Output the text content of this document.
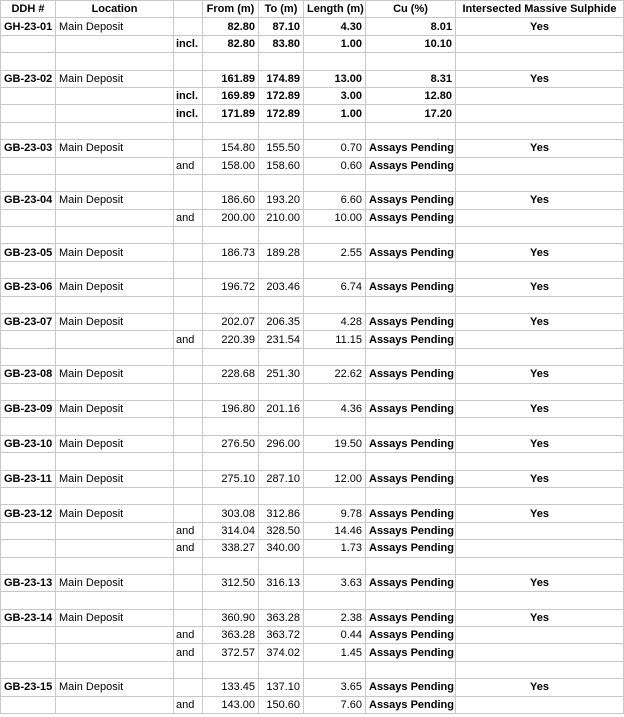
DDH #	Location		From (m)	To (m)	Length (m)	Cu (%)	Intersected Massive Sulphide
GH-23-01	Main Deposit		82.80	87.10	4.30	8.01	Yes
		incl.	82.80	83.80	1.00	10.10	

GB-23-02	Main Deposit		161.89	174.89	13.00	8.31	Yes
		incl.	169.89	172.89	3.00	12.80	
		incl.	171.89	172.89	1.00	17.20	

GB-23-03	Main Deposit		154.80	155.50	0.70	Assays Pending	Yes
		and	158.00	158.60	0.60	Assays Pending	

GB-23-04	Main Deposit		186.60	193.20	6.60	Assays Pending	Yes
		and	200.00	210.00	10.00	Assays Pending	

GB-23-05	Main Deposit		186.73	189.28	2.55	Assays Pending	Yes

GB-23-06	Main Deposit		196.72	203.46	6.74	Assays Pending	Yes

GB-23-07	Main Deposit		202.07	206.35	4.28	Assays Pending	Yes
		and	220.39	231.54	11.15	Assays Pending	

GB-23-08	Main Deposit		228.68	251.30	22.62	Assays Pending	Yes

GB-23-09	Main Deposit		196.80	201.16	4.36	Assays Pending	Yes

GB-23-10	Main Deposit		276.50	296.00	19.50	Assays Pending	Yes

GB-23-11	Main Deposit		275.10	287.10	12.00	Assays Pending	Yes

GB-23-12	Main Deposit		303.08	312.86	9.78	Assays Pending	Yes
		and	314.04	328.50	14.46	Assays Pending	
		and	338.27	340.00	1.73	Assays Pending	

GB-23-13	Main Deposit		312.50	316.13	3.63	Assays Pending	Yes

GB-23-14	Main Deposit		360.90	363.28	2.38	Assays Pending	Yes
		and	363.28	363.72	0.44	Assays Pending	
		and	372.57	374.02	1.45	Assays Pending	

GB-23-15	Main Deposit		133.45	137.10	3.65	Assays Pending	Yes
		and	143.00	150.60	7.60	Assays Pending	
